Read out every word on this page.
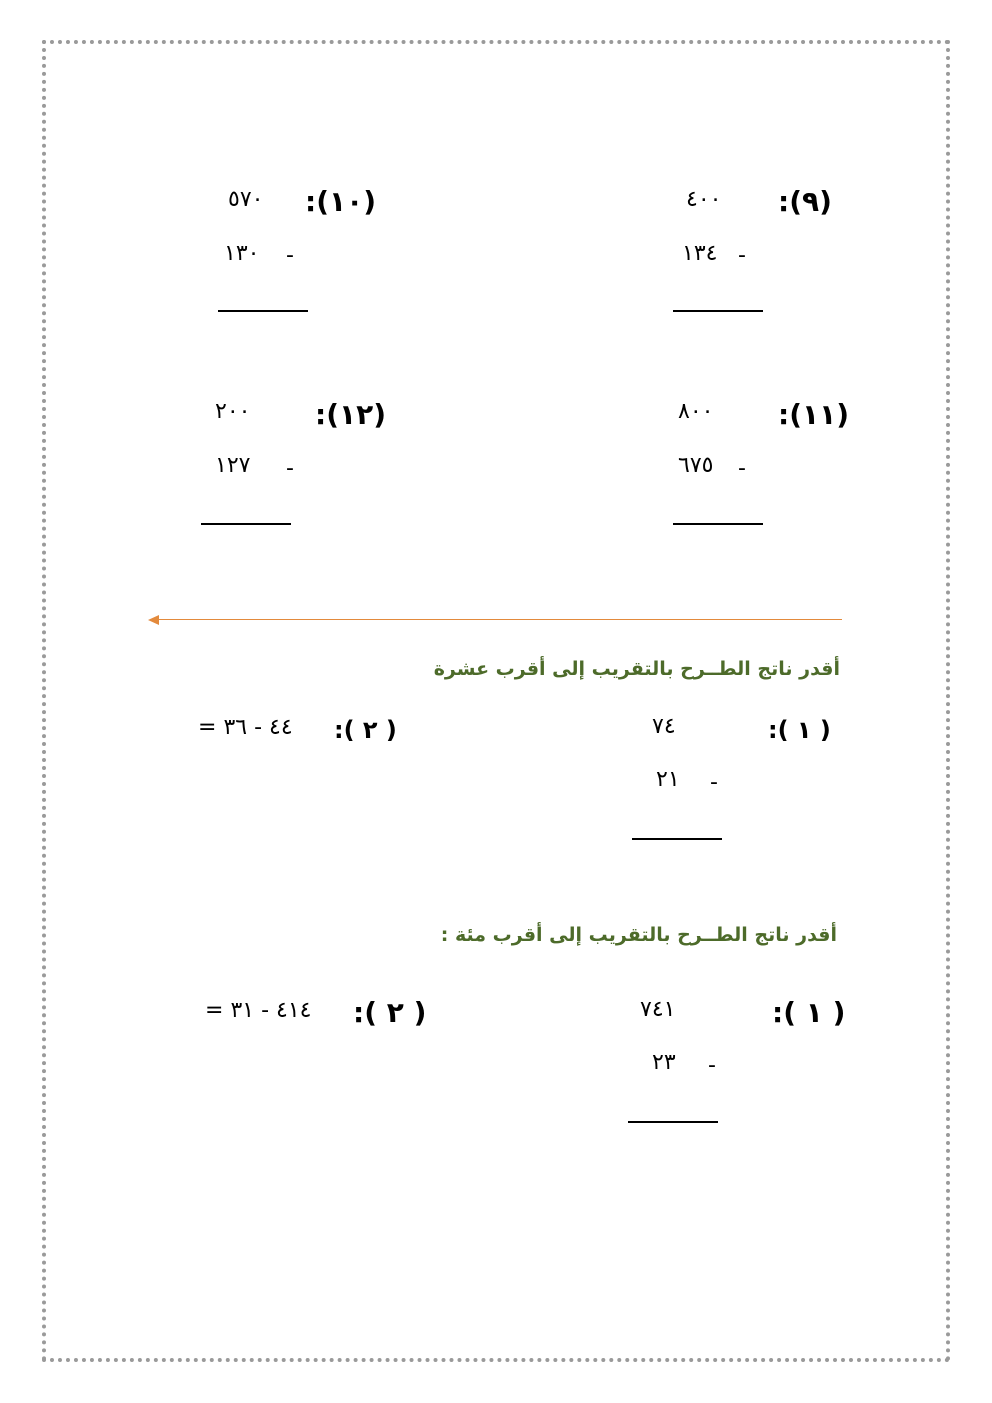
:(٩)
٤٠٠
١٣٤ -
:(١٠)
٥٧٠
١٣٠ -
:(١١)
٨٠٠
٦٧٥ -
:(١٢)
٢٠٠
١٢٧ -
أقدر ناتج الطــرح بالتقريب إلى أقرب عشرة
:( ١ )
٧٤
٢١ -
:( ٢ )
٤٤ - ٣٦ =
أقدر ناتج الطــرح بالتقريب إلى أقرب مئة :
:( ١ )
٧٤١
٢٣ -
:( ٢ )
٤١٤ - ٣١ =
